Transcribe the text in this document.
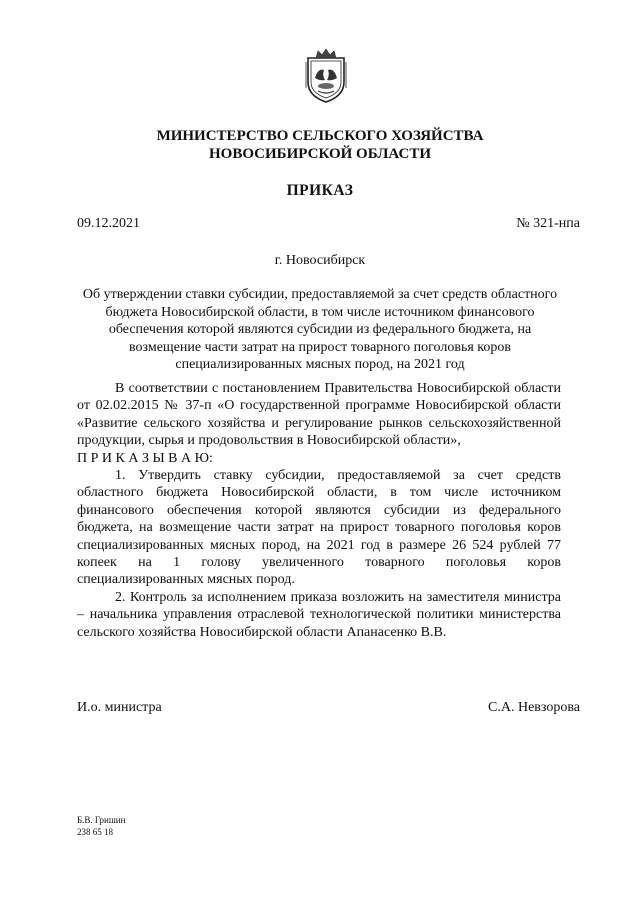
МИНИСТЕРСТВО СЕЛЬСКОГО ХОЗЯЙСТВА
НОВОСИБИРСКОЙ ОБЛАСТИ
ПРИКАЗ
09.12.2021	№ 321-нпа
г. Новосибирск
Об утверждении ставки субсидии, предоставляемой за счет средств областного бюджета Новосибирской области, в том числе источником финансового обеспечения которой являются субсидии из федерального бюджета, на возмещение части затрат на прирост товарного поголовья коров специализированных мясных пород, на 2021 год

В соответствии с постановлением Правительства Новосибирской области от 02.02.2015 № 37-п «О государственной программе Новосибирской области «Развитие сельского хозяйства и регулирование рынков сельскохозяйственной продукции, сырья и продовольствия в Новосибирской области»,

П Р И К А З Ы В А Ю:

1. Утвердить ставку субсидии, предоставляемой за счет средств областного бюджета Новосибирской области, в том числе источником финансового обеспечения которой являются субсидии из федерального бюджета, на возмещение части затрат на прирост товарного поголовья коров специализированных мясных пород, на 2021 год в размере 26 524 рублей 77 копеек на 1 голову увеличенного товарного поголовья коров специализированных мясных пород.

2. Контроль за исполнением приказа возложить на заместителя министра – начальника управления отраслевой технологической политики министерства сельского хозяйства Новосибирской области Апанасенко В.В.

И.о. министра	С.А. Невзорова
Б.В. Гришин
238 65 18
